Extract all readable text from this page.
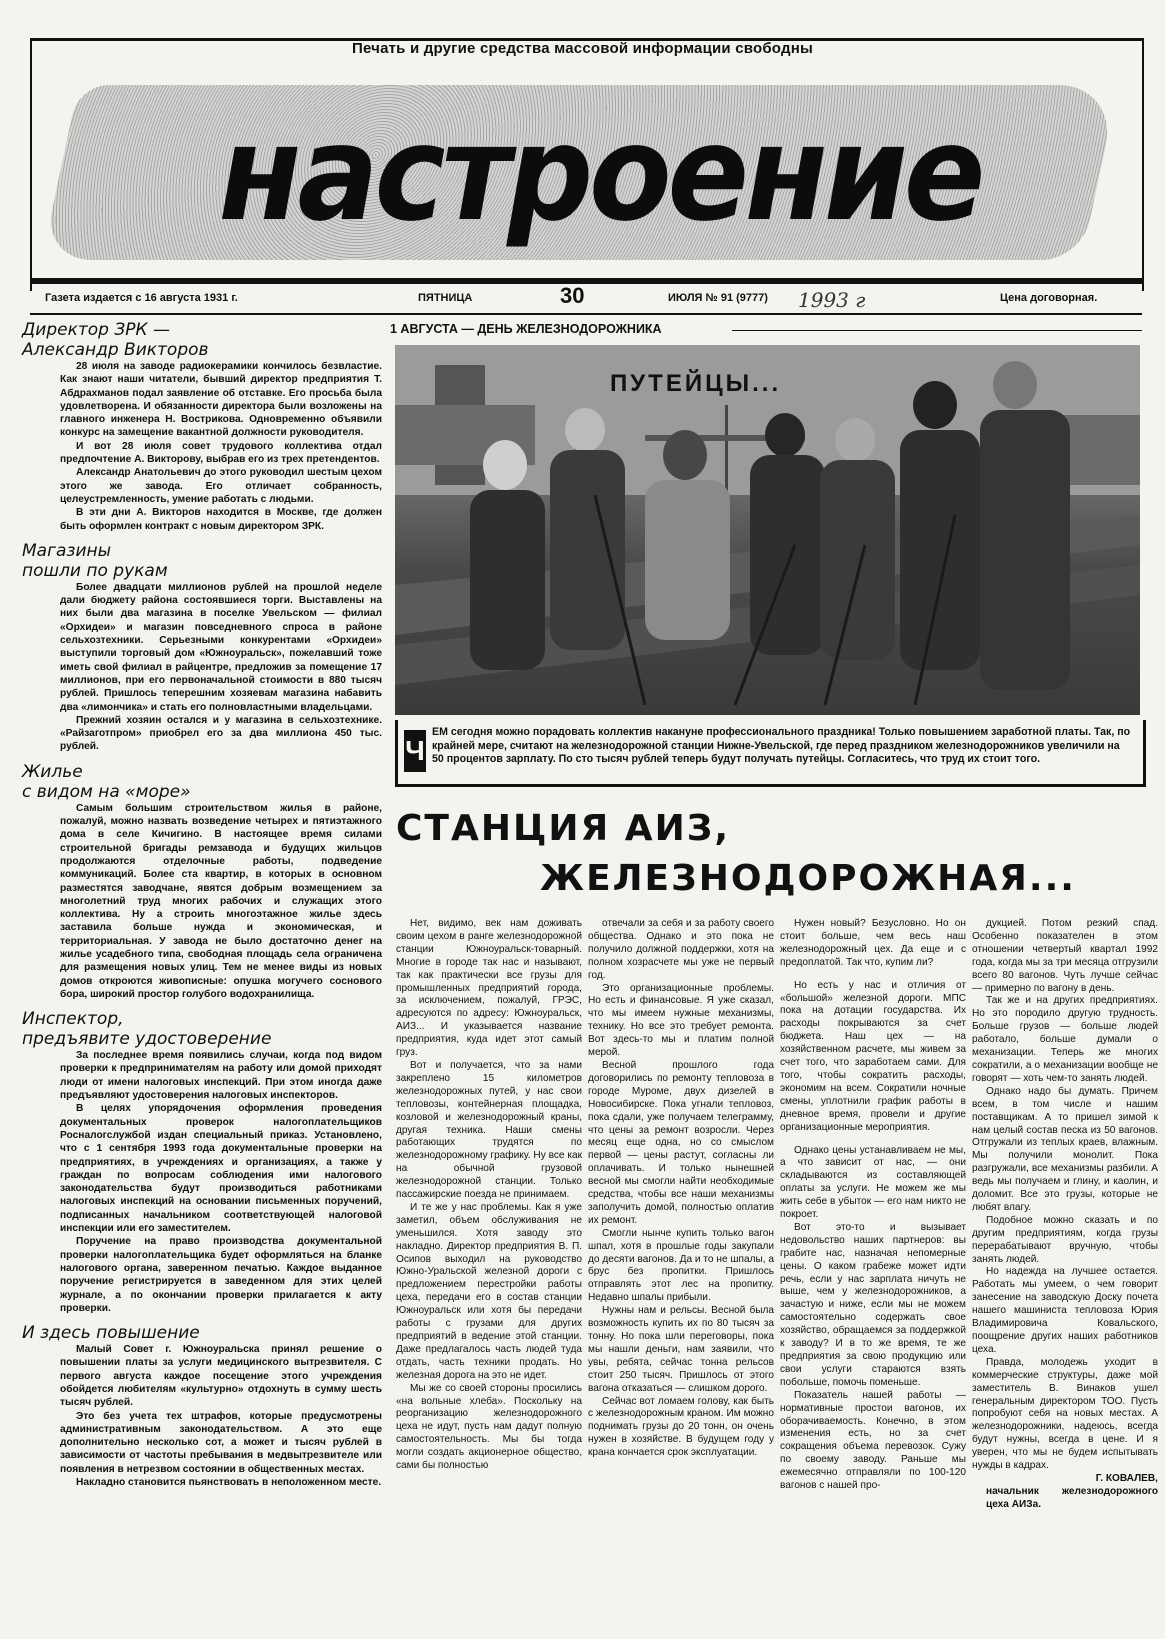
Печать и другие средства массовой информации свободны
настроение
Газета издается с 16 августа 1931 г.	ПЯТНИЦА	30	ИЮЛЯ № 91 (9777) 1993 г	Цена договорная.
Директор ЗРК —
Александр Викторов

28 июля на заводе радиокерамики кончилось безвластие. Как знают наши читатели, бывший директор предприятия Т. Абдрахманов подал заявление об отставке. Его просьба была удовлетворена. И обязанности директора были возложены на главного инженера Н. Вострикова. Одновременно объявили конкурс на замещение вакантной должности руководителя.

И вот 28 июля совет трудового коллектива отдал предпочтение А. Викторову, выбрав его из трех претендентов.

Александр Анатольевич до этого руководил шестым цехом этого же завода. Его отличает собранность, целеустремленность, умение работать с людьми.

В эти дни А. Викторов находится в Москве, где должен быть оформлен контракт с новым директором ЗРК.

Магазины
пошли по рукам

Более двадцати миллионов рублей на прошлой неделе дали бюджету района состоявшиеся торги. Выставлены на них были два магазина в поселке Увельском — филиал «Орхидеи» и магазин повседневного спроса в районе сельхозтехники. Серьезными конкурентами «Орхидеи» выступили торговый дом «Южноуральск», пожелавший тоже иметь свой филиал в райцентре, предложив за помещение 17 миллионов, при его первоначальной стоимости в 880 тысяч рублей. Пришлось теперешним хозяевам магазина набавить два «лимончика» и стать его полновластными владельцами.

Прежний хозяин остался и у магазина в сельхозтехнике. «Райзаготпром» приобрел его за два миллиона 450 тыс. рублей.

Жилье
с видом на «море»

Самым большим строительством жилья в районе, пожалуй, можно назвать возведение четырех и пятиэтажного дома в селе Кичигино. В настоящее время силами строительной бригады ремзавода и будущих жильцов продолжаются отделочные работы, подведение коммуникаций. Более ста квартир, в которых в основном разместятся заводчане, явятся добрым возмещением за многолетний труд многих рабочих и служащих этого коллектива. Ну а строить многоэтажное жилье здесь заставила больше нужда и экономическая, и территориальная. У завода не было достаточно денег на жилье усадебного типа, свободная площадь села ограничена для размещения новых улиц. Тем не менее виды из новых домов откроются живописные: опушка могучего соснового бора, широкий простор голубого водохранилища.

Инспектор,
предъявите удостоверение

За последнее время появились случаи, когда под видом проверки к предпринимателям на работу или домой приходят люди от имени налоговых инспекций. При этом иногда даже предъявляют удостоверения налоговых инспекторов.

В целях упорядочения оформления проведения документальных проверок налогоплательщиков Росналогслужбой издан специальный приказ. Установлено, что с 1 сентября 1993 года документальные проверки на предприятиях, в учреждениях и организациях, а также у граждан по вопросам соблюдения ими налогового законодательства будут производиться работниками налоговых инспекций на основании письменных поручений, подписанных начальником соответствующей налоговой инспекции или его заместителем.

Поручение на право производства документальной проверки налогоплательщика будет оформляться на бланке налогового органа, заверенном печатью. Каждое выданное поручение регистрируется в заведенном для этих целей журнале, а по окончании проверки прилагается к акту проверки.

И здесь повышение

Малый Совет г. Южноуральска принял решение о повышении платы за услуги медицинского вытрезвителя. С первого августа каждое посещение этого учреждения обойдется любителям «культурно» отдохнуть в сумму шесть тысяч рублей.

Это без учета тех штрафов, которые предусмотрены административным законодательством. А это еще дополнительно несколько сот, а может и тысяч рублей в зависимости от частоты пребывания в медвытрезвителе или появления в нетрезвом состоянии в общественных местах.

Накладно становится пьянствовать в неположенном месте.

1 АВГУСТА — ДЕНЬ ЖЕЛЕЗНОДОРОЖНИКА
ПУТЕЙЦЫ...
Ч
ЕМ сегодня можно порадовать коллектив накануне профессионального праздника! Только повышением заработной платы. Так, по крайней мере, считают на железнодорожной станции Нижне-Увельской, где перед праздником железнодорожников увеличили на 50 процентов зарплату. По сто тысяч рублей теперь будут получать путейцы. Согласитесь, что труд их стоит того.
СТАНЦИЯ АИЗ,
ЖЕЛЕЗНОДОРОЖНАЯ...

Нет, видимо, век нам доживать своим цехом в ранге железнодорожной станции Южноуральск-товарный. Многие в городе так нас и называют, так как практически все грузы для промышленных предприятий города, за исключением, пожалуй, ГРЭС, адресуются по адресу: Южноуральск, АИЗ... И указывается название предприятия, куда идет этот самый груз.

Вот и получается, что за нами закреплено 15 километров железнодорожных путей, у нас свои тепловозы, контейнерная площадка, козловой и железнодорожный краны, другая техника. Наши смены работающих трудятся по железнодорожному графику. Ну все как на обычной грузовой железнодорожной станции. Только пассажирские поезда не принимаем.

И те же у нас проблемы. Как я уже заметил, объем обслуживания не уменьшился. Хотя заводу это накладно. Директор предприятия В. П. Осипов выходил на руководство Южно-Уральской железной дороги с предложением перестройки работы цеха, передачи его в состав станции Южноуральск или хотя бы передачи работы с грузами для других предприятий в ведение этой станции. Даже предлагалось часть людей туда отдать, часть техники продать. Но железная дорога на это не идет.

Мы же со своей стороны просились «на вольные хлеба». Поскольку на реорганизацию железнодорожного цеха не идут, пусть нам дадут полную самостоятельность. Мы бы тогда могли создать акционерное общество, сами бы полностью

отвечали за себя и за работу своего общества. Однако и это пока не получило должной поддержки, хотя на полном хозрасчете мы уже не первый год.

Это организационные проблемы. Но есть и финансовые. Я уже сказал, что мы имеем нужные механизмы, технику. Но все это требует ремонта. Вот здесь-то мы и платим полной мерой.

Весной прошлого года договорились по ремонту тепловоза в городе Муроме, двух дизелей в Новосибирске. Пока угнали тепловоз, пока сдали, уже получаем телеграмму, что цены за ремонт возросли. Через месяц еще одна, но со смыслом первой — цены растут, согласны ли оплачивать. И только нынешней весной мы смогли найти необходимые средства, чтобы все наши механизмы заполучить домой, полностью оплатив их ремонт.

Смогли нынче купить только вагон шпал, хотя в прошлые годы закупали до десяти вагонов. Да и то не шпалы, а брус без пропитки. Пришлось отправлять этот лес на пропитку. Недавно шпалы прибыли.

Нужны нам и рельсы. Весной была возможность купить их по 80 тысяч за тонну. Но пока шли переговоры, пока мы нашли деньги, нам заявили, что увы, ребята, сейчас тонна рельсов стоит 250 тысяч. Пришлось от этого вагона отказаться — слишком дорого.

Сейчас вот ломаем голову, как быть с железнодорожным краном. Им можно поднимать грузы до 20 тонн, он очень нужен в хозяйстве. В будущем году у крана кончается срок эксплуатации.

Нужен новый? Безусловно. Но он стоит больше, чем весь наш железнодорожный цех. Да еще и с предоплатой. Так что, купим ли?

Но есть у нас и отличия от «большой» железной дороги. МПС пока на дотации государства. Их расходы покрываются за счет бюджета. Наш цех — на хозяйственном расчете, мы живем за счет того, что заработаем сами. Для того, чтобы сократить расходы, экономим на всем. Сократили ночные смены, уплотнили график работы в дневное время, провели и другие организационные мероприятия.

Однако цены устанавливаем не мы, а что зависит от нас, — они складываются из составляющей оплаты за услуги. Не можем же мы жить себе в убыток — его нам никто не покроет.

Вот это-то и вызывает недовольство наших партнеров: вы грабите нас, назначая непомерные цены. О каком грабеже может идти речь, если у нас зарплата ничуть не выше, чем у железнодорожников, а зачастую и ниже, если мы не можем самостоятельно содержать свое хозяйство, обращаемся за поддержкой к заводу? И в то же время, те же предприятия за свою продукцию или свои услуги стараются взять побольше, помочь поменьше.

Показатель нашей работы — нормативные простои вагонов, их оборачиваемость. Конечно, в этом изменения есть, но за счет сокращения объема перевозок. Сужу по своему заводу. Раньше мы ежемесячно отправляли по 100-120 вагонов с нашей про-

дукцией. Потом резкий спад. Особенно показателен в этом отношении четвертый квартал 1992 года, когда мы за три месяца отгрузили всего 80 вагонов. Чуть лучше сейчас — примерно по вагону в день.

Так же и на других предприятиях. Но это породило другую трудность. Больше грузов — больше людей работало, больше думали о механизации. Теперь же многих сократили, а о механизации вообще не говорят — хоть чем-то занять людей.

Однако надо бы думать. Причем всем, в том числе и нашим поставщикам. А то пришел зимой к нам целый состав песка из 50 вагонов. Отгружали из теплых краев, влажным. Мы получили монолит. Пока разгружали, все механизмы разбили. А ведь мы получаем и глину, и каолин, и доломит. Все это грузы, которые не любят влагу.

Подобное можно сказать и по другим предприятиям, когда грузы перерабатывают вручную, чтобы занять людей.

Но надежда на лучшее остается. Работать мы умеем, о чем говорит занесение на заводскую Доску почета нашего машиниста тепловоза Юрия Владимировича Ковальского, поощрение других наших работников цеха.

Правда, молодежь уходит в коммерческие структуры, даже мой заместитель В. Винаков ушел генеральным директором ТОО. Пусть попробуют себя на новых местах. А железнодорожники, надеюсь, всегда будут нужны, всегда в цене. И я уверен, что мы не будем испытывать нужды в кадрах.

Г. КОВАЛЕВ,
начальник железнодорожного цеха АИЗа.
